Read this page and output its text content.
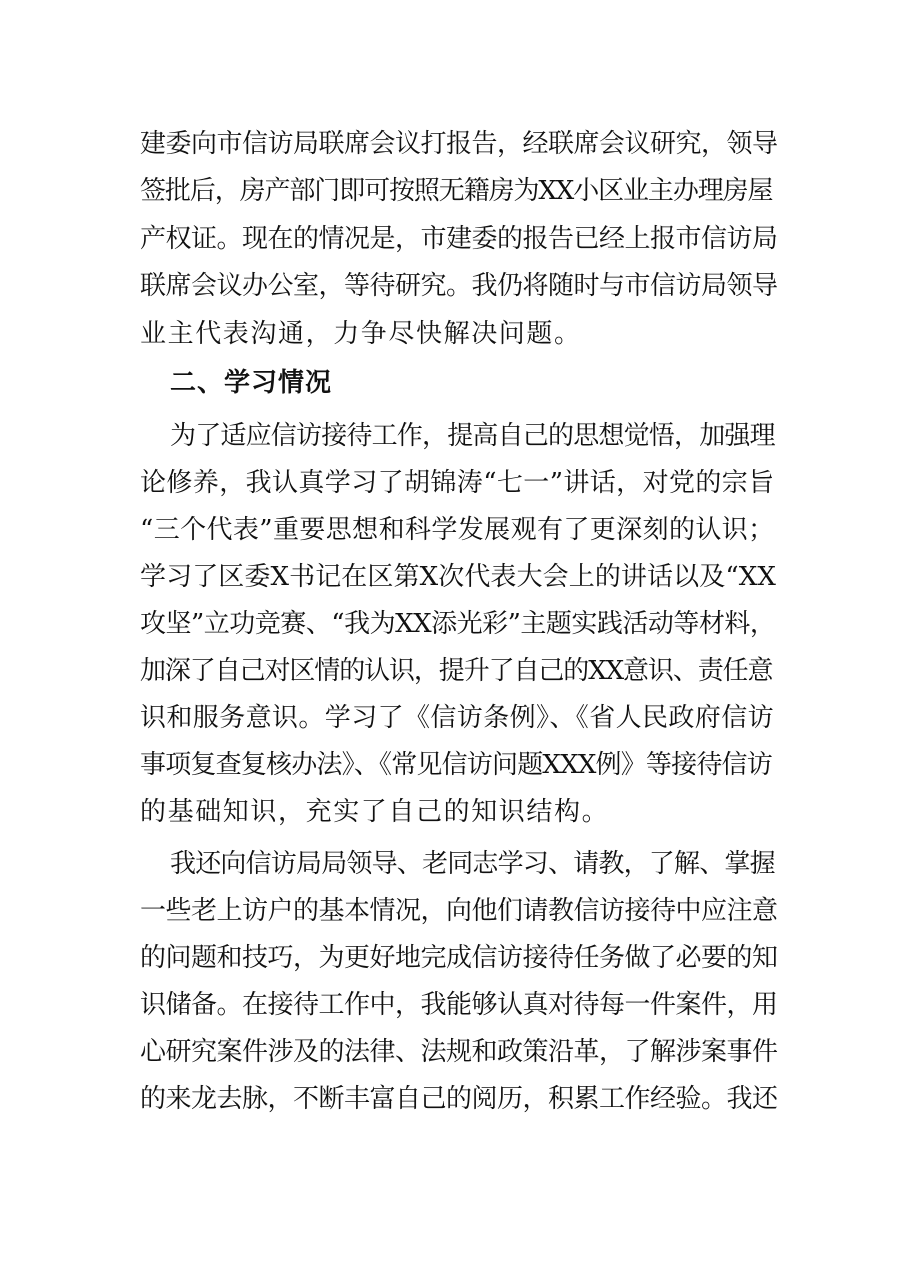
建委向市信访局联席会议打报告，经联席会议研究，领导
签批后，房产部门即可按照无籍房为XX小区业主办理房屋
产权证。现在的情况是，市建委的报告已经上报市信访局
联席会议办公室，等待研究。我仍将随时与市信访局领导
业主代表沟通，力争尽快解决问题。
二、学习情况
为了适应信访接待工作，提高自己的思想觉悟，加强理
论修养，我认真学习了胡锦涛“七一”讲话，对党的宗旨
“三个代表”重要思想和科学发展观有了更深刻的认识；
学习了区委X书记在区第X次代表大会上的讲话以及“XX
攻坚”立功竞赛、“我为XX添光彩”主题实践活动等材料，
加深了自己对区情的认识，提升了自己的XX意识、责任意
识和服务意识。学习了《信访条例》、《省人民政府信访
事项复查复核办法》、《常见信访问题XXX例》等接待信访
的基础知识，充实了自己的知识结构。
我还向信访局局领导、老同志学习、请教，了解、掌握
一些老上访户的基本情况，向他们请教信访接待中应注意
的问题和技巧，为更好地完成信访接待任务做了必要的知
识储备。在接待工作中，我能够认真对待每一件案件，用
心研究案件涉及的法律、法规和政策沿革，了解涉案事件
的来龙去脉，不断丰富自己的阅历，积累工作经验。我还
